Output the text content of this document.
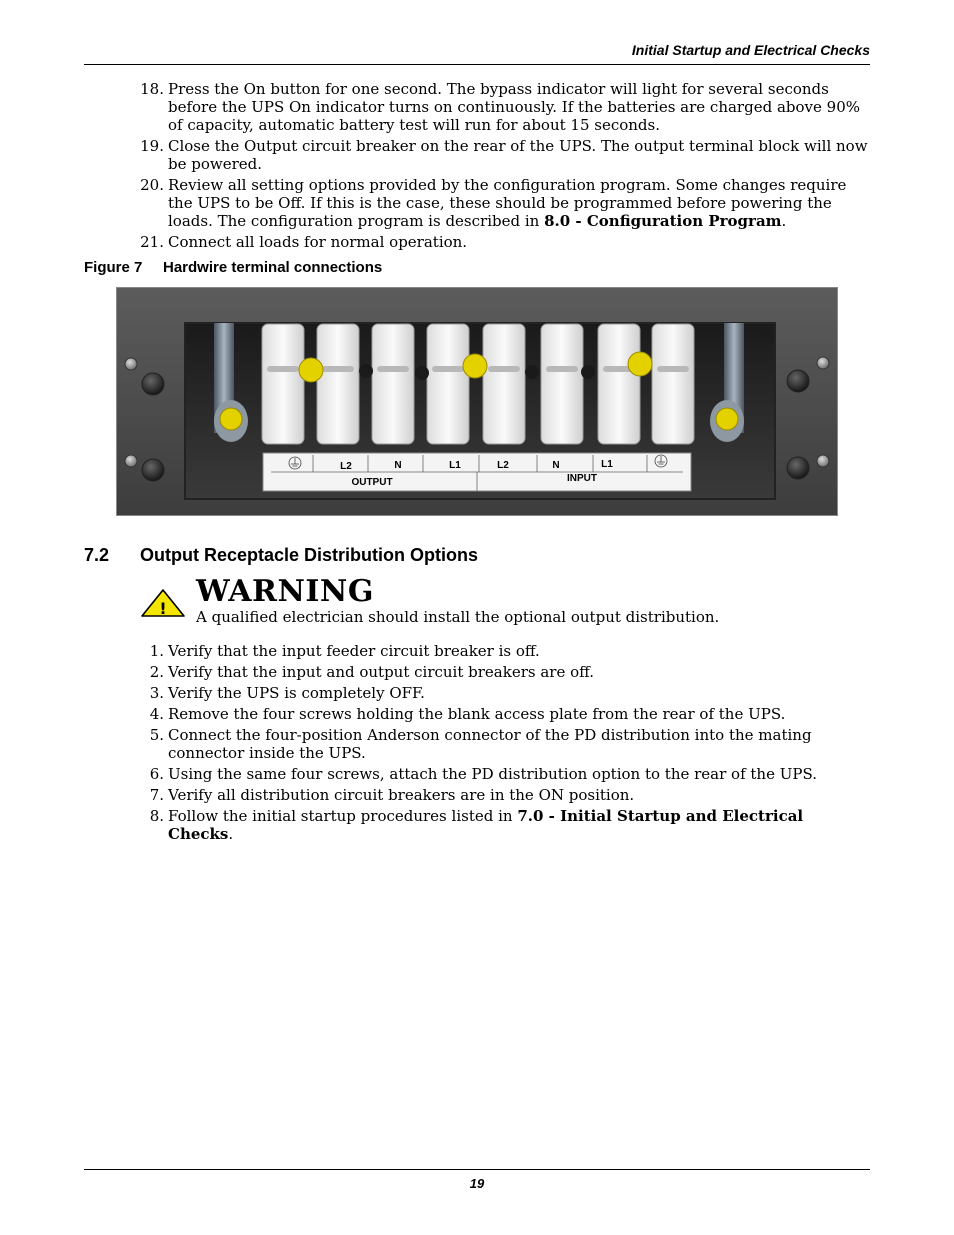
Initial Startup and Electrical Checks
18. Press the On button for one second. The bypass indicator will light for several seconds before the UPS On indicator turns on continuously. If the batteries are charged above 90% of capacity, automatic battery test will run for about 15 seconds.
19. Close the Output circuit breaker on the rear of the UPS. The output terminal block will now be powered.
20. Review all setting options provided by the configuration program. Some changes require the UPS to be Off. If this is the case, these should be programmed before powering the loads. The configuration program is described in 8.0 - Configuration Program.
21. Connect all loads for normal operation.
Figure 7 Hardwire terminal connections
L2	N	L1	L2	N	L1
OUTPUT	INPUT
7.2 Output Receptacle Distribution Options
! WARNING
A qualified electrician should install the optional output distribution.
1. Verify that the input feeder circuit breaker is off.
2. Verify that the input and output circuit breakers are off.
3. Verify the UPS is completely OFF.
4. Remove the four screws holding the blank access plate from the rear of the UPS.
5. Connect the four-position Anderson connector of the PD distribution into the mating connector inside the UPS.
6. Using the same four screws, attach the PD distribution option to the rear of the UPS.
7. Verify all distribution circuit breakers are in the ON position.
8. Follow the initial startup procedures listed in 7.0 - Initial Startup and Electrical Checks.
19
